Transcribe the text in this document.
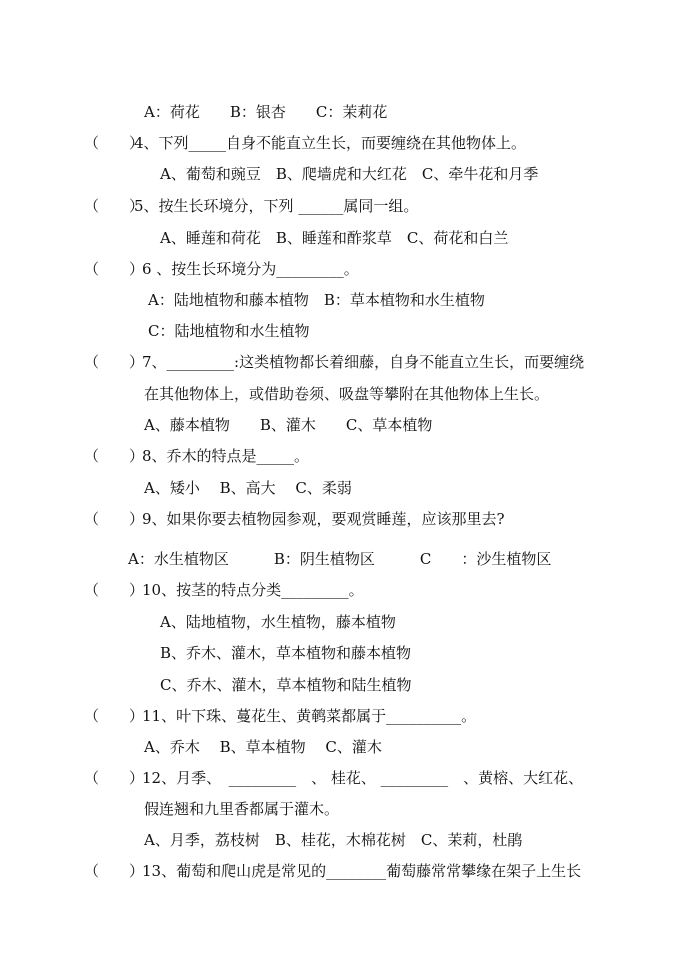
A：荷花　　B：银杏　　C：茉莉花
（　　）
4、下列_____自身不能直立生长，而要缠绕在其他物体上。
A、葡萄和豌豆　B、爬墙虎和大红花　C、牵牛花和月季
（　　）
5、按生长环境分，下列 ______属同一组。
A、睡莲和荷花　B、睡莲和酢浆草　C、荷花和白兰
（　　）
6 、按生长环境分为_________。
A：陆地植物和藤本植物　B：草本植物和水生植物
C：陆地植物和水生植物
（　　）
7、_________:这类植物都长着细藤，自身不能直立生长，而要缠绕
在其他物体上，或借助卷须、吸盘等攀附在其他物体上生长。
A、藤本植物　　B、灌木　　C、草本植物
（　　）
8、乔木的特点是_____。
A、矮小　 B、高大　 C、柔弱
（　　）
9、如果你要去植物园参观，要观赏睡莲，应该那里去?
A：水生植物区　　　B：阴生植物区　　　C　　：沙生植物区
（　　）
10、按茎的特点分类_________。
A、陆地植物，水生植物，藤本植物
B、乔木、灌木，草本植物和藤本植物
C、乔木、灌木，草本植物和陆生植物
（　　）
11、叶下珠、蔓花生、黄鹌菜都属于__________。
A、乔木　 B、草本植物　 C、灌木
（　　）
12、月季、　_________　、 桂花、 _________　、黄榕、大红花、
假连翘和九里香都属于灌木。
A、月季，荔枝树　B、桂花，木棉花树　C、茉莉，杜鹃
（　　）
13、葡萄和爬山虎是常见的________葡萄藤常常攀缘在架子上生长
